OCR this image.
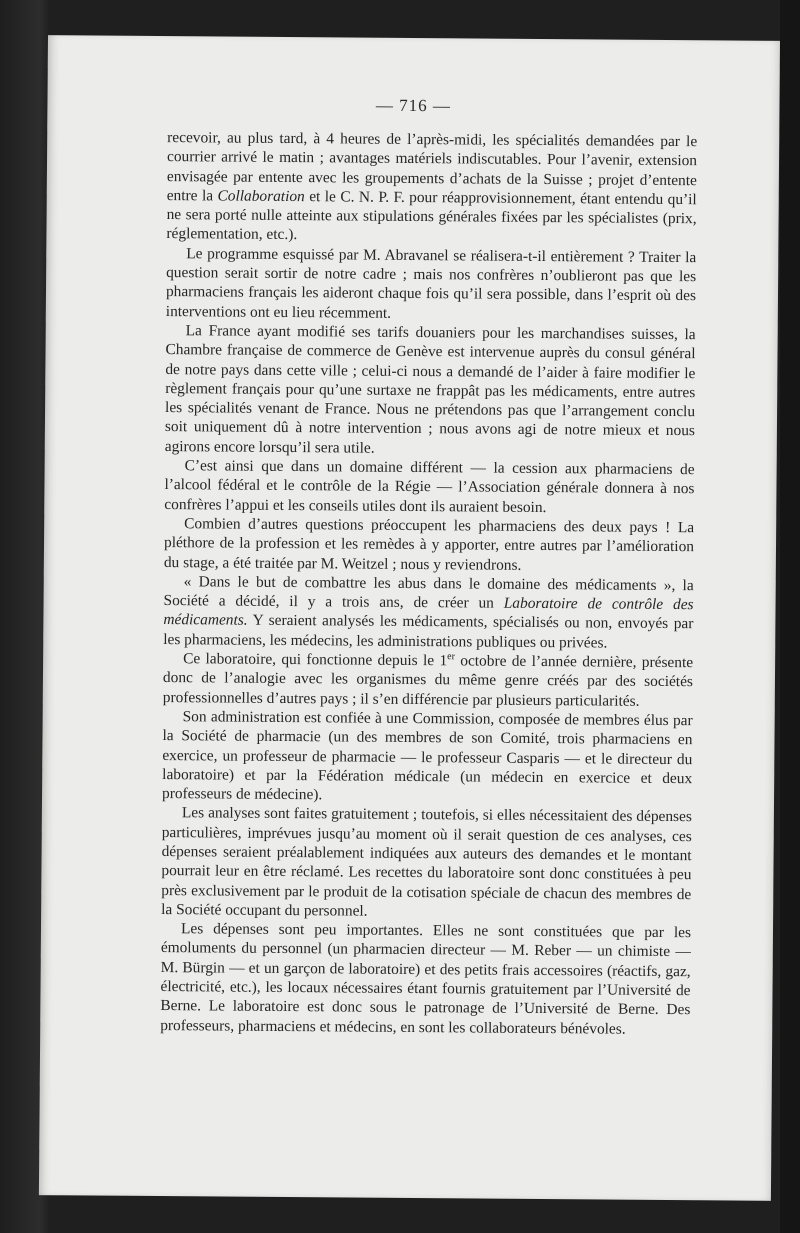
— 716 —

recevoir, au plus tard, à 4 heures de l’après-midi, les spécialités demandées par le courrier arrivé le matin ; avantages matériels indiscutables. Pour l’avenir, extension envisagée par entente avec les groupements d’achats de la Suisse ; projet d’entente entre la Collaboration et le C. N. P. F. pour réapprovisionnement, étant entendu qu’il ne sera porté nulle atteinte aux stipulations générales fixées par les spécialistes (prix, réglementation, etc.).

Le programme esquissé par M. Abravanel se réalisera-t-il entièrement ? Traiter la question serait sortir de notre cadre ; mais nos confrères n’oublieront pas que les pharmaciens français les aideront chaque fois qu’il sera possible, dans l’esprit où des interventions ont eu lieu récemment.

La France ayant modifié ses tarifs douaniers pour les marchandises suisses, la Chambre française de commerce de Genève est intervenue auprès du consul général de notre pays dans cette ville ; celui-ci nous a demandé de l’aider à faire modifier le règlement français pour qu’une surtaxe ne frappât pas les médicaments, entre autres les spécialités venant de France. Nous ne prétendons pas que l’arrangement conclu soit uniquement dû à notre intervention ; nous avons agi de notre mieux et nous agirons encore lorsqu’il sera utile.

C’est ainsi que dans un domaine différent — la cession aux pharmaciens de l’alcool fédéral et le contrôle de la Régie — l’Association générale donnera à nos confrères l’appui et les conseils utiles dont ils auraient besoin.

Combien d’autres questions préoccupent les pharmaciens des deux pays ! La pléthore de la profession et les remèdes à y apporter, entre autres par l’amélioration du stage, a été traitée par M. Weitzel ; nous y reviendrons.

« Dans le but de combattre les abus dans le domaine des médicaments », la Société a décidé, il y a trois ans, de créer un Laboratoire de contrôle des médicaments. Y seraient analysés les médicaments, spécialisés ou non, envoyés par les pharmaciens, les médecins, les administrations publiques ou privées.

Ce laboratoire, qui fonctionne depuis le 1er octobre de l’année dernière, présente donc de l’analogie avec les organismes du même genre créés par des sociétés professionnelles d’autres pays ; il s’en différencie par plusieurs particularités.

Son administration est confiée à une Commission, composée de membres élus par la Société de pharmacie (un des membres de son Comité, trois pharmaciens en exercice, un professeur de pharmacie — le professeur Casparis — et le directeur du laboratoire) et par la Fédération médicale (un médecin en exercice et deux professeurs de médecine).

Les analyses sont faites gratuitement ; toutefois, si elles nécessitaient des dépenses particulières, imprévues jusqu’au moment où il serait question de ces analyses, ces dépenses seraient préalablement indiquées aux auteurs des demandes et le montant pourrait leur en être réclamé. Les recettes du laboratoire sont donc constituées à peu près exclusivement par le produit de la cotisation spéciale de chacun des membres de la Société occupant du personnel.

Les dépenses sont peu importantes. Elles ne sont constituées que par les émoluments du personnel (un pharmacien directeur — M. Reber — un chimiste — M. Bürgin — et un garçon de laboratoire) et des petits frais accessoires (réactifs, gaz, électricité, etc.), les locaux nécessaires étant fournis gratuitement par l’Université de Berne. Le laboratoire est donc sous le patronage de l’Université de Berne. Des professeurs, pharmaciens et médecins, en sont les collaborateurs bénévoles.
